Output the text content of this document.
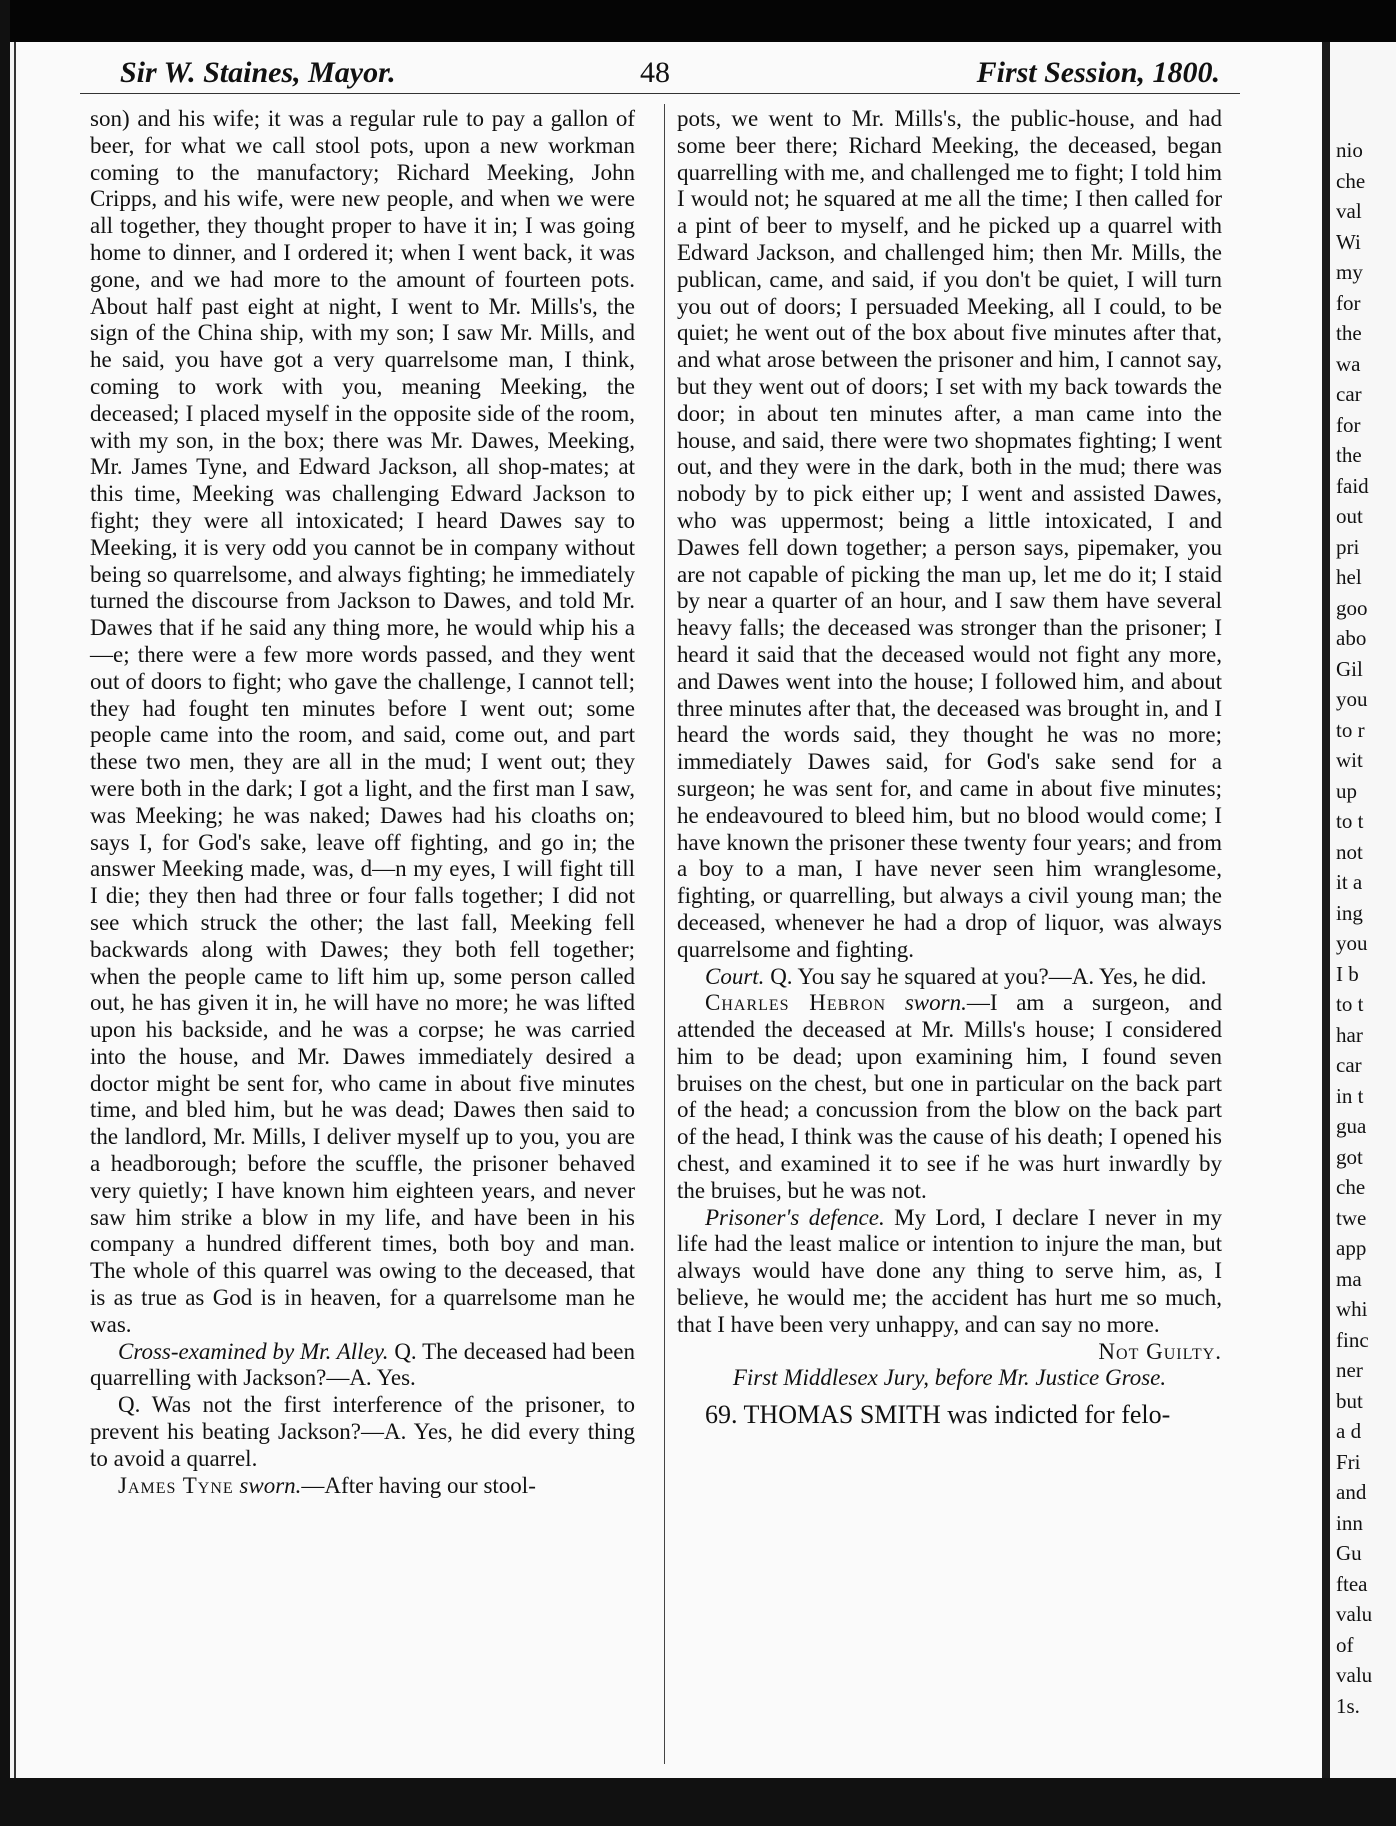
nio
che
val
Wi
my
for
the
wa
car
for
the
faid
out
pri
hel
goo
abo
Gil
you
to r
wit
up
to t
not
it a
ing
you
I b
to t
har
car
in t
gua
got
che
twe
app
ma
whi
finc
ner
but
a d
Fri
and
inn
Gu
ftea
valu
of
valu
1s.
Sir W. Staines, Mayor.	48	First Session, 1800.

son) and his wife; it was a regular rule to pay a gallon of beer, for what we call stool pots, upon a new workman coming to the manufactory; Richard Meeking, John Cripps, and his wife, were new people, and when we were all together, they thought proper to have it in; I was going home to dinner, and I ordered it; when I went back, it was gone, and we had more to the amount of fourteen pots. About half past eight at night, I went to Mr. Mills's, the sign of the China ship, with my son; I saw Mr. Mills, and he said, you have got a very quarrelsome man, I think, coming to work with you, meaning Meeking, the deceased; I placed myself in the opposite side of the room, with my son, in the box; there was Mr. Dawes, Meeking, Mr. James Tyne, and Edward Jackson, all shop-mates; at this time, Meeking was challenging Edward Jackson to fight; they were all intoxicated; I heard Dawes say to Meeking, it is very odd you cannot be in company without being so quarrelsome, and always fighting; he immediately turned the discourse from Jackson to Dawes, and told Mr. Dawes that if he said any thing more, he would whip his a—e; there were a few more words passed, and they went out of doors to fight; who gave the challenge, I cannot tell; they had fought ten minutes before I went out; some people came into the room, and said, come out, and part these two men, they are all in the mud; I went out; they were both in the dark; I got a light, and the first man I saw, was Meeking; he was naked; Dawes had his cloaths on; says I, for God's sake, leave off fighting, and go in; the answer Meeking made, was, d—n my eyes, I will fight till I die; they then had three or four falls together; I did not see which struck the other; the last fall, Meeking fell backwards along with Dawes; they both fell together; when the people came to lift him up, some person called out, he has given it in, he will have no more; he was lifted upon his backside, and he was a corpse; he was carried into the house, and Mr. Dawes immediately desired a doctor might be sent for, who came in about five minutes time, and bled him, but he was dead; Dawes then said to the landlord, Mr. Mills, I deliver myself up to you, you are a headborough; before the scuffle, the prisoner behaved very quietly; I have known him eighteen years, and never saw him strike a blow in my life, and have been in his company a hundred different times, both boy and man. The whole of this quarrel was owing to the deceased, that is as true as God is in heaven, for a quarrelsome man he was.

Cross-examined by Mr. Alley. Q. The deceased had been quarrelling with Jackson?—A. Yes.

Q. Was not the first interference of the prisoner, to prevent his beating Jackson?—A. Yes, he did every thing to avoid a quarrel.

James Tyne sworn.—After having our stool-

pots, we went to Mr. Mills's, the public-house, and had some beer there; Richard Meeking, the deceased, began quarrelling with me, and challenged me to fight; I told him I would not; he squared at me all the time; I then called for a pint of beer to myself, and he picked up a quarrel with Edward Jackson, and challenged him; then Mr. Mills, the publican, came, and said, if you don't be quiet, I will turn you out of doors; I persuaded Meeking, all I could, to be quiet; he went out of the box about five minutes after that, and what arose between the prisoner and him, I cannot say, but they went out of doors; I set with my back towards the door; in about ten minutes after, a man came into the house, and said, there were two shopmates fighting; I went out, and they were in the dark, both in the mud; there was nobody by to pick either up; I went and assisted Dawes, who was uppermost; being a little intoxicated, I and Dawes fell down together; a person says, pipemaker, you are not capable of picking the man up, let me do it; I staid by near a quarter of an hour, and I saw them have several heavy falls; the deceased was stronger than the prisoner; I heard it said that the deceased would not fight any more, and Dawes went into the house; I followed him, and about three minutes after that, the deceased was brought in, and I heard the words said, they thought he was no more; immediately Dawes said, for God's sake send for a surgeon; he was sent for, and came in about five minutes; he endeavoured to bleed him, but no blood would come; I have known the prisoner these twenty four years; and from a boy to a man, I have never seen him wranglesome, fighting, or quarrelling, but always a civil young man; the deceased, whenever he had a drop of liquor, was always quarrelsome and fighting.

Court. Q. You say he squared at you?—A. Yes, he did.

Charles Hebron sworn.—I am a surgeon, and attended the deceased at Mr. Mills's house; I considered him to be dead; upon examining him, I found seven bruises on the chest, but one in particular on the back part of the head; a concussion from the blow on the back part of the head, I think was the cause of his death; I opened his chest, and examined it to see if he was hurt inwardly by the bruises, but he was not.

Prisoner's defence. My Lord, I declare I never in my life had the least malice or intention to injure the man, but always would have done any thing to serve him, as, I believe, he would me; the accident has hurt me so much, that I have been very unhappy, and can say no more.

Not Guilty.

First Middlesex Jury, before Mr. Justice Grose.

69. THOMAS SMITH was indicted for felo-
